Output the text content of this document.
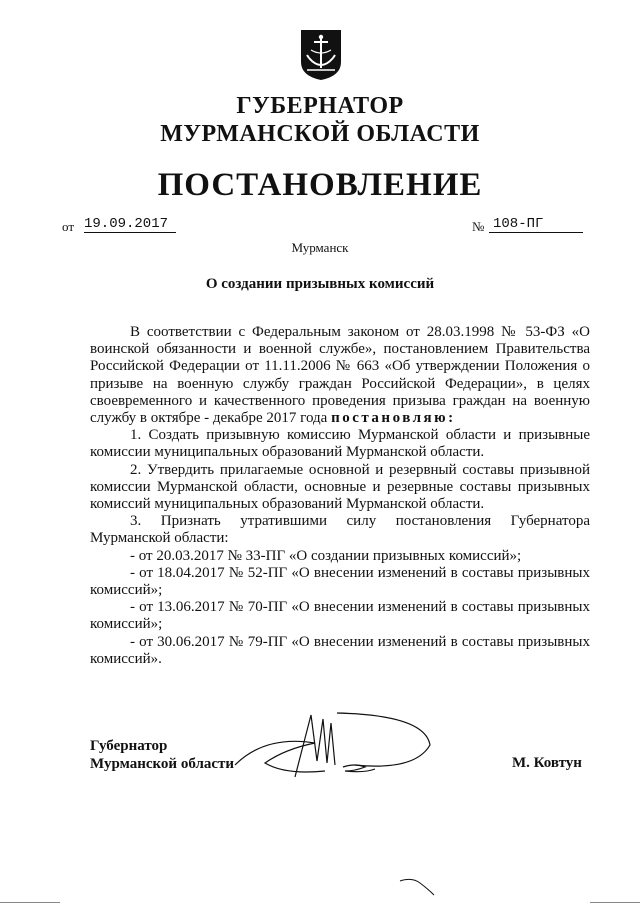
ГУБЕРНАТОР
МУРМАНСКОЙ ОБЛАСТИ
ПОСТАНОВЛЕНИЕ
от 19.09.2017	№ 108-ПГ
Мурманск
О создании призывных комиссий

В соответствии с Федеральным законом от 28.03.1998 № 53-ФЗ «О воинской обязанности и военной службе», постановлением Правительства Российской Федерации от 11.11.2006 № 663 «Об утверждении Положения о призыве на военную службу граждан Российской Федерации», в целях своевременного и качественного проведения призыва граждан на военную службу в октябре - декабре 2017 года постановляю:

1. Создать призывную комиссию Мурманской области и призывные комиссии муниципальных образований Мурманской области.

2. Утвердить прилагаемые основной и резервный составы призывной комиссии Мурманской области, основные и резервные составы призывных комиссий муниципальных образований Мурманской области.

3. Признать утратившими силу постановления Губернатора Мурманской области:

- от 20.03.2017 № 33-ПГ «О создании призывных комиссий»;

- от 18.04.2017 № 52-ПГ «О внесении изменений в составы призывных комиссий»;

- от 13.06.2017 № 70-ПГ «О внесении изменений в составы призывных комиссий»;

- от 30.06.2017 № 79-ПГ «О внесении изменений в составы призывных комиссий».

Губернатор
Мурманской области	М. Ковтун
